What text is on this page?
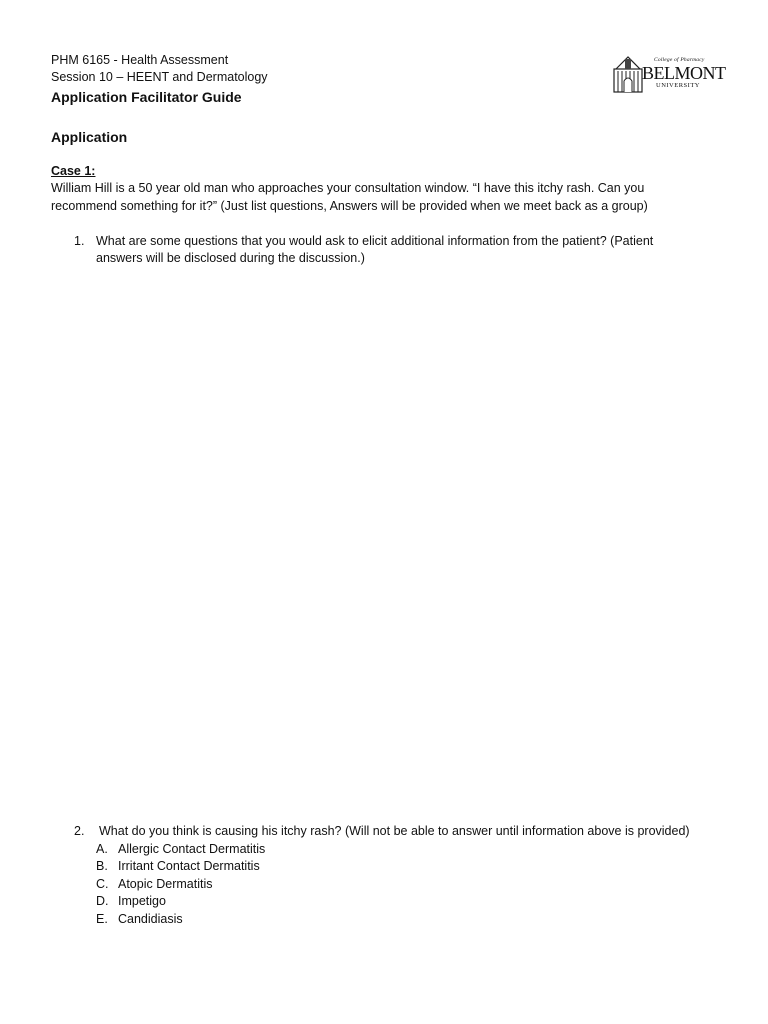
PHM 6165 - Health Assessment
Session 10 – HEENT and Dermatology
Application Facilitator Guide
College of Pharmacy
BELMONT
UNIVERSITY
Application
Case 1:
William Hill is a 50 year old man who approaches your consultation window. “I have this itchy rash. Can you
recommend something for it?” (Just list questions, Answers will be provided when we meet back as a group)
1. What are some questions that you would ask to elicit additional information from the patient? (Patient
answers will be disclosed during the discussion.)
2. What do you think is causing his itchy rash? (Will not be able to answer until information above is provided)
A. Allergic Contact Dermatitis
B. Irritant Contact Dermatitis
C. Atopic Dermatitis
D. Impetigo
E. Candidiasis
